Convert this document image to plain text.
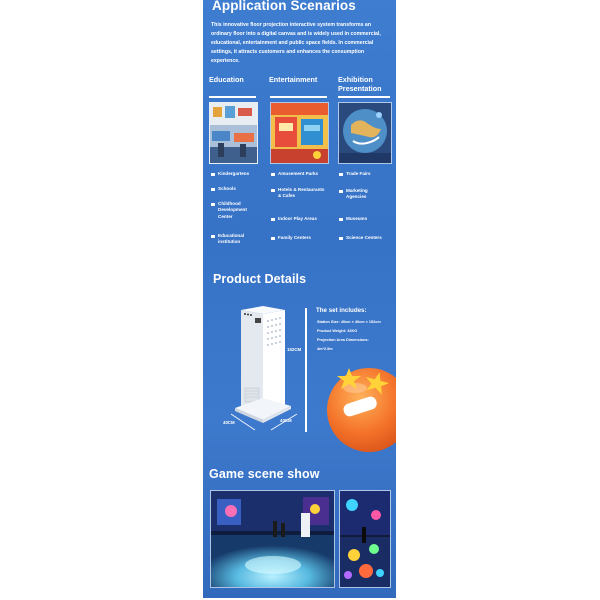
Application Scenarios
This innovative floor projection interactive system transforms an ordinary floor into a digital canvas and is widely used in commercial, educational, entertainment and public space fields. In commercial settings, it attracts customers and enhances the consumption experience.
Education	Entertainment	Exhibition Presentation
Kindergartens
Schools
Childhood Development Center
Educational institution
Amusement Parks
Hotels & Restaurants & Cafes
Indoor Play Areas
Family Centers
Trade Fairs
Marketing Agencies
Museums
Science Centers
Product Details
152CM
40CM	40CM
The set includes:
Station Size: 40cm × 40cm × 152cm
Product Weight: 32KG
Projection Area Dimensions:
4m*2.5m
Game scene show
